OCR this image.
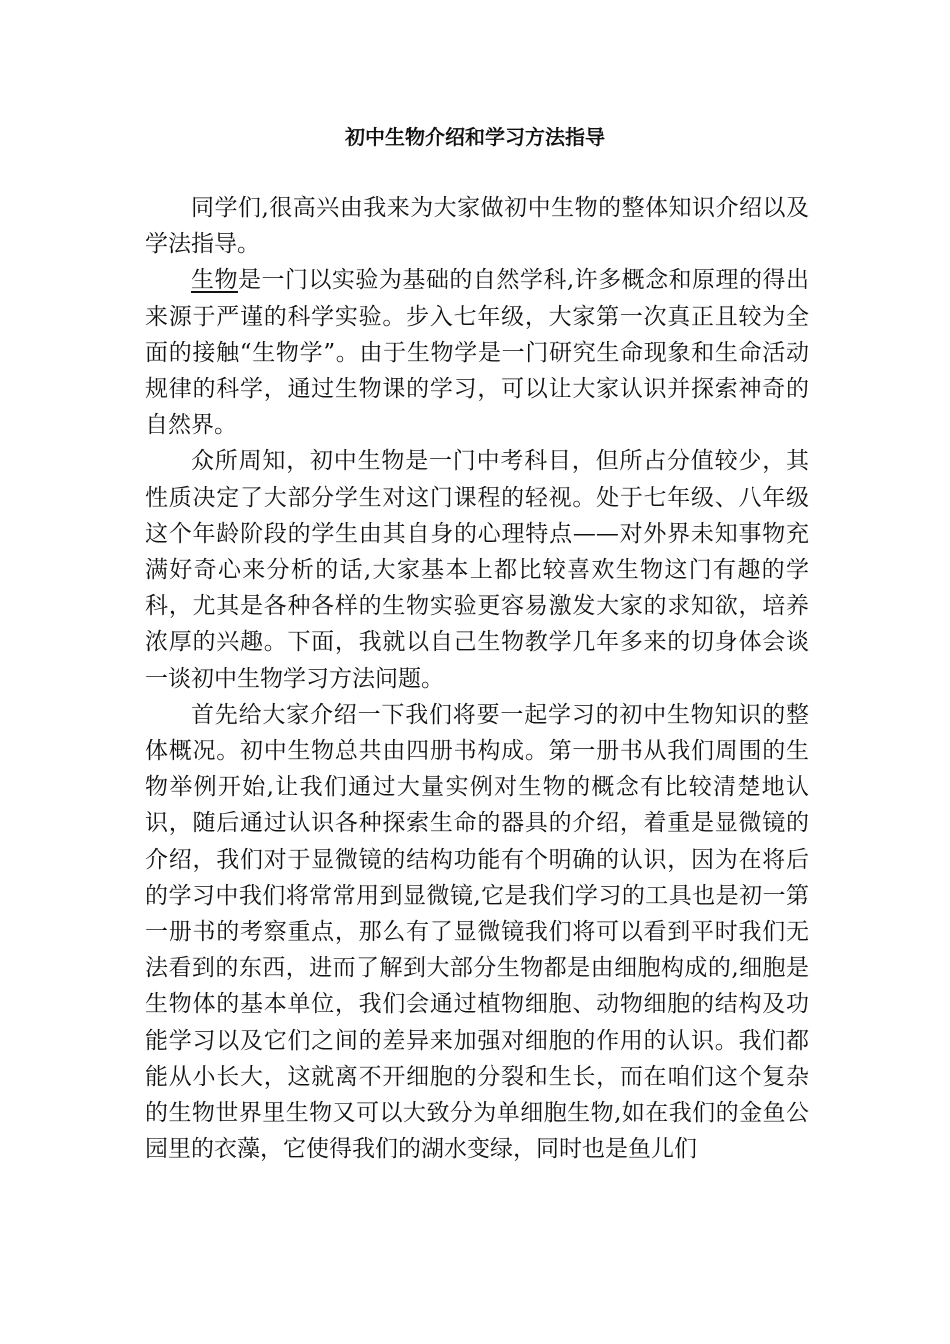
初中生物介绍和学习方法指导

同学们,很高兴由我来为大家做初中生物的整体知识介绍以及学法指导。

生物是一门以实验为基础的自然学科,许多概念和原理的得出来源于严谨的科学实验。步入七年级，大家第一次真正且较为全面的接触“生物学”。由于生物学是一门研究生命现象和生命活动规律的科学，通过生物课的学习，可以让大家认识并探索神奇的自然界。

众所周知，初中生物是一门中考科目，但所占分值较少，其性质决定了大部分学生对这门课程的轻视。处于七年级、八年级这个年龄阶段的学生由其自身的心理特点——对外界未知事物充满好奇心来分析的话,大家基本上都比较喜欢生物这门有趣的学科，尤其是各种各样的生物实验更容易激发大家的求知欲，培养浓厚的兴趣。下面，我就以自己生物教学几年多来的切身体会谈一谈初中生物学习方法问题。

首先给大家介绍一下我们将要一起学习的初中生物知识的整体概况。初中生物总共由四册书构成。第一册书从我们周围的生物举例开始,让我们通过大量实例对生物的概念有比较清楚地认识，随后通过认识各种探索生命的器具的介绍，着重是显微镜的介绍，我们对于显微镜的结构功能有个明确的认识，因为在将后的学习中我们将常常用到显微镜,它是我们学习的工具也是初一第一册书的考察重点，那么有了显微镜我们将可以看到平时我们无法看到的东西，进而了解到大部分生物都是由细胞构成的,细胞是生物体的基本单位，我们会通过植物细胞、动物细胞的结构及功能学习以及它们之间的差异来加强对细胞的作用的认识。我们都能从小长大，这就离不开细胞的分裂和生长，而在咱们这个复杂的生物世界里生物又可以大致分为单细胞生物,如在我们的金鱼公园里的衣藻，它使得我们的湖水变绿，同时也是鱼儿们
